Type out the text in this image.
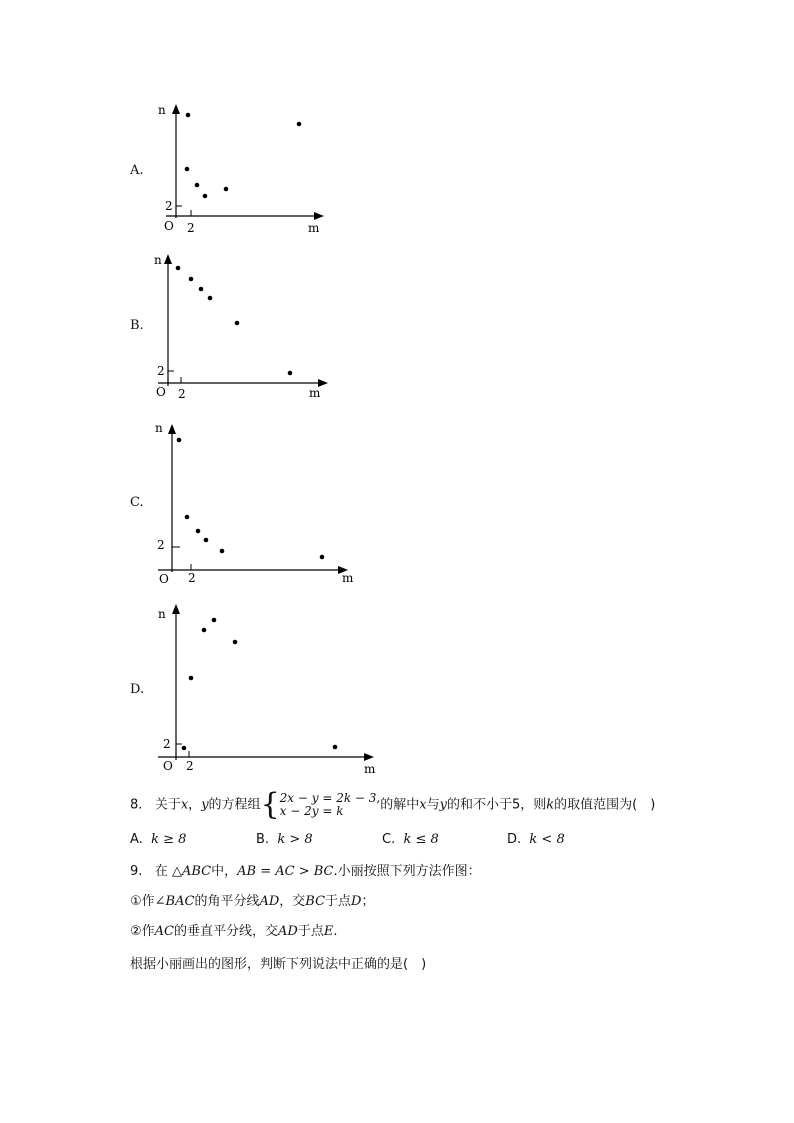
A.
n
m
O 2
2
B.
n
m
O 2
2
C.
n
m
O 2
2
D.
n
m
O 2
2
8. 关于x，y的方程组{ 2x − y = 2k − 3,
x − 2y = k	的解中x与y的和不小于5，则k的取值范围为(　)
A. k ≥ 8	B. k > 8	C. k ≤ 8	D. k < 8
9. 在 △ABC中，AB = AC > BC.小丽按照下列方法作图：
①作∠BAC的角平分线AD，交BC于点D；
②作AC的垂直平分线，交AD于点E.
根据小丽画出的图形，判断下列说法中正确的是(　)
